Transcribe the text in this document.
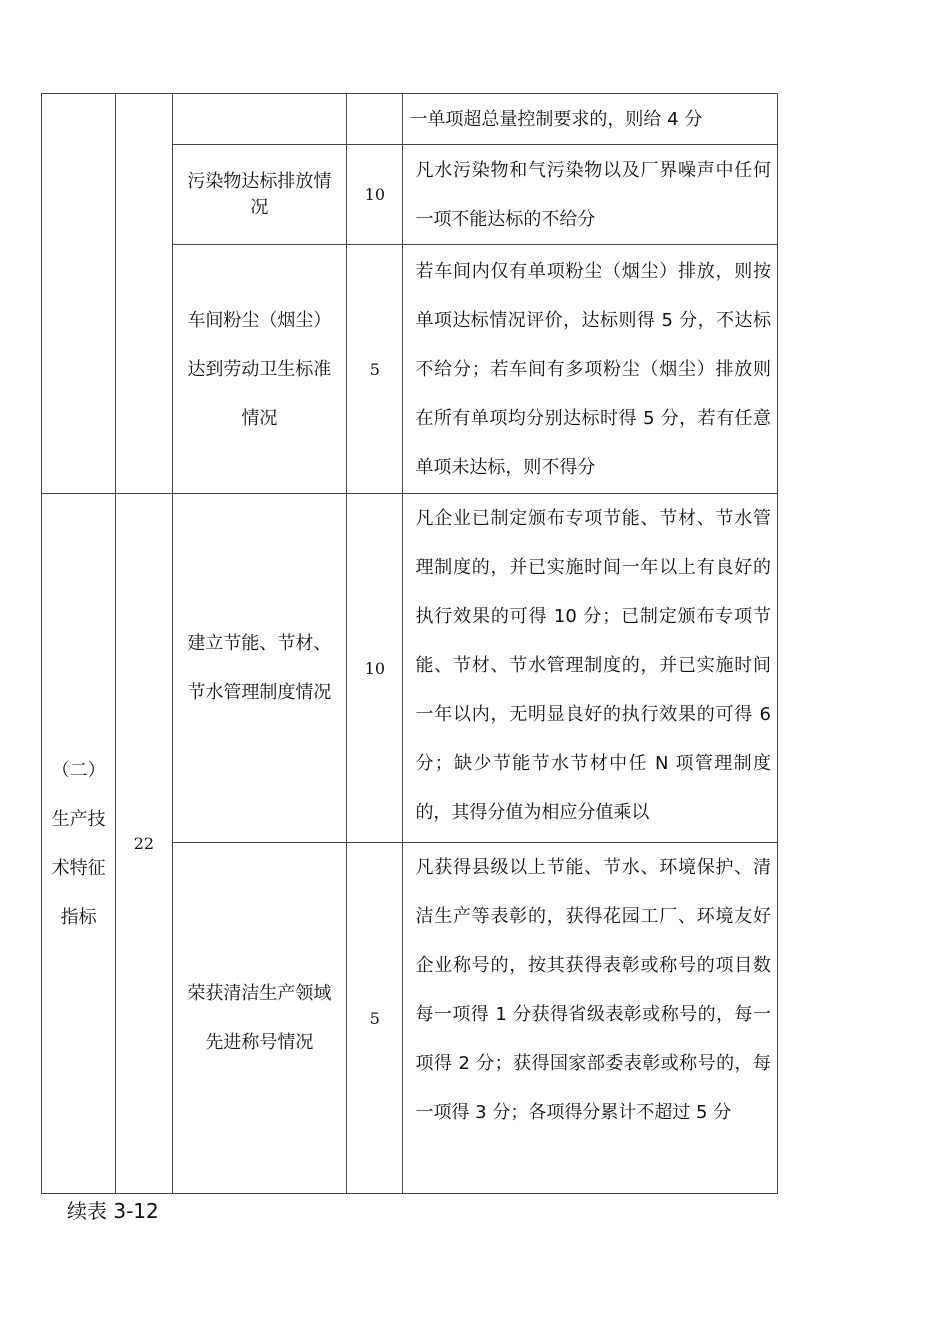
				一单项超总量控制要求的，则给 4 分

		污染物达标排放情况	10	凡水污染物和气污染物以及厂界噪声中任何一项不能达标的不给分

		车间粉尘（烟尘）达到劳动卫生标准情况	5	若车间内仅有单项粉尘（烟尘）排放，则按单项达标情况评价，达标则得 5 分，不达标不给分；若车间有多项粉尘（烟尘）排放则在所有单项均分别达标时得 5 分，若有任意单项未达标，则不得分

（二）生产技术特征指标	22	建立节能、节材、节水管理制度情况	10	凡企业已制定颁布专项节能、节材、节水管理制度的，并已实施时间一年以上有良好的执行效果的可得 10 分；已制定颁布专项节能、节材、节水管理制度的，并已实施时间一年以内，无明显良好的执行效果的可得 6 分；缺少节能节水节材中任 N 项管理制度的，其得分值为相应分值乘以

		荣获清洁生产领域先进称号情况	5	凡获得县级以上节能、节水、环境保护、清洁生产等表彰的，获得花园工厂、环境友好企业称号的，按其获得表彰或称号的项目数每一项得 1 分获得省级表彰或称号的，每一项得 2 分；获得国家部委表彰或称号的，每一项得 3 分；各项得分累计不超过 5 分
续表 3-12
